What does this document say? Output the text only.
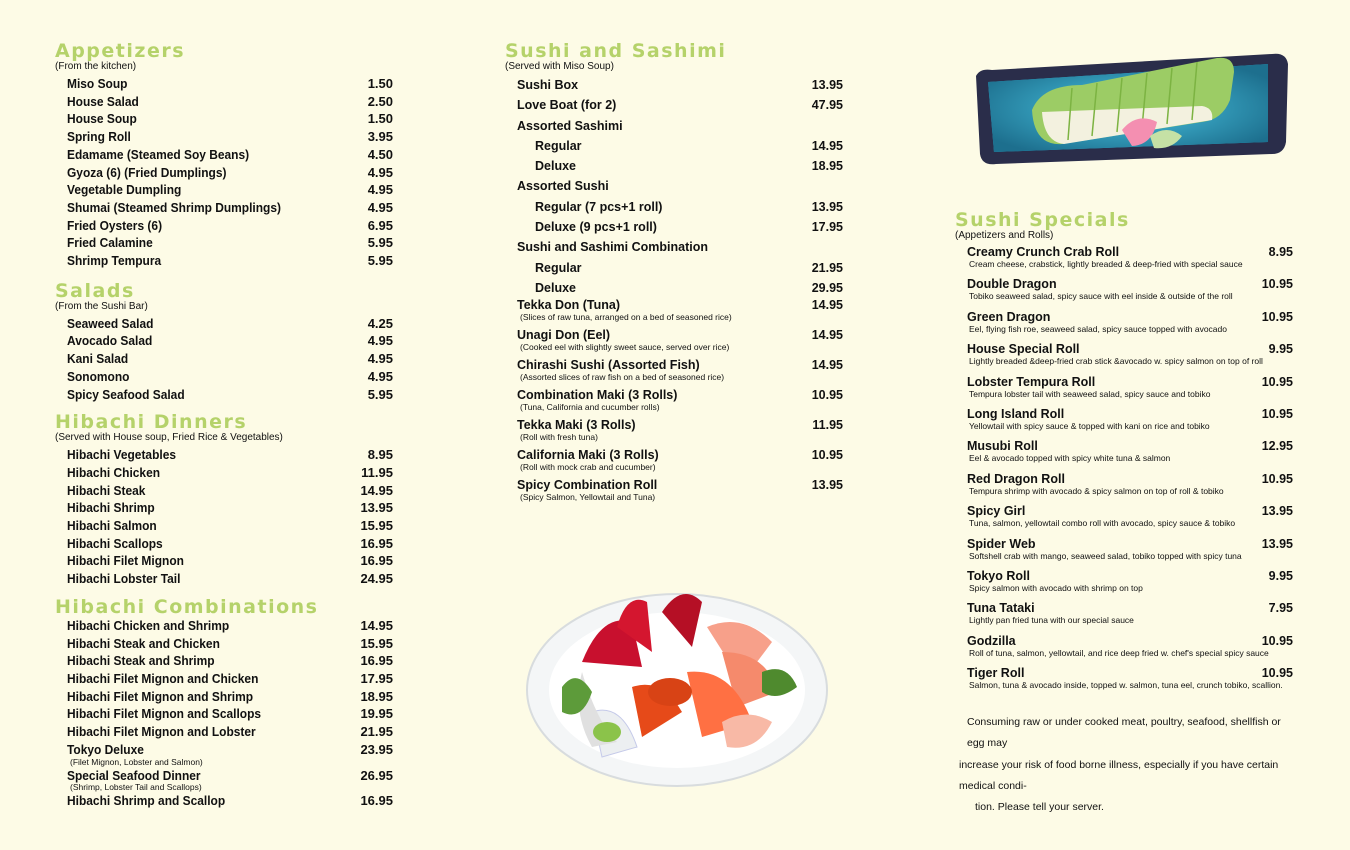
Appetizers
(From the kitchen)
Miso Soup	1.50
House Salad	2.50
House Soup	1.50
Spring Roll	3.95
Edamame (Steamed Soy Beans)	4.50
Gyoza (6) (Fried Dumplings)	4.95
Vegetable Dumpling	4.95
Shumai (Steamed Shrimp Dumplings)	4.95
Fried Oysters (6)	6.95
Fried Calamine	5.95
Shrimp Tempura	5.95
Salads
(From the Sushi Bar)
Seaweed Salad	4.25
Avocado Salad	4.95
Kani Salad	4.95
Sonomono	4.95
Spicy Seafood Salad	5.95
Hibachi Dinners
(Served with House soup, Fried Rice & Vegetables)
Hibachi Vegetables	8.95
Hibachi Chicken	11.95
Hibachi Steak	14.95
Hibachi Shrimp	13.95
Hibachi Salmon	15.95
Hibachi Scallops	16.95
Hibachi Filet Mignon	16.95
Hibachi Lobster Tail	24.95
Hibachi Combinations
Hibachi Chicken and Shrimp	14.95
Hibachi Steak and Chicken	15.95
Hibachi Steak and Shrimp	16.95
Hibachi Filet Mignon and Chicken	17.95
Hibachi Filet Mignon and Shrimp	18.95
Hibachi Filet Mignon and Scallops	19.95
Hibachi Filet Mignon and Lobster	21.95
Tokyo Deluxe	23.95
(Filet Mignon, Lobster and Salmon)
Special Seafood Dinner	26.95
(Shrimp, Lobster Tail and Scallops)
Hibachi Shrimp and Scallop	16.95
Sushi and Sashimi
(Served with Miso Soup)
Sushi Box	13.95
Love Boat (for 2)	47.95
Assorted Sashimi
Regular	14.95
Deluxe	18.95
Assorted Sushi
Regular (7 pcs+1 roll)	13.95
Deluxe (9 pcs+1 roll)	17.95
Sushi and Sashimi Combination
Regular	21.95
Deluxe	29.95
Tekka Don (Tuna)	14.95
(Slices of raw tuna, arranged on a bed of seasoned rice)
Unagi Don (Eel)	14.95
(Cooked eel with slightly sweet sauce, served over rice)
Chirashi Sushi (Assorted Fish)	14.95
(Assorted slices of raw fish on a bed of seasoned rice)
Combination Maki (3 Rolls)	10.95
(Tuna, California and cucumber rolls)
Tekka Maki (3 Rolls)	11.95
(Roll with fresh tuna)
California Maki (3 Rolls)	10.95
(Roll with mock crab and cucumber)
Spicy Combination Roll	13.95
(Spicy Salmon, Yellowtail and Tuna)
Sushi Specials
(Appetizers and Rolls)
Creamy Crunch Crab Roll	8.95
Cream cheese, crabstick, lightly breaded & deep-fried with special sauce
Double Dragon	10.95
Tobiko seaweed salad, spicy sauce with eel inside & outside of the roll
Green Dragon	10.95
Eel, flying fish roe, seaweed salad, spicy sauce topped with avocado
House Special Roll	9.95
Lightly breaded &deep-fried crab stick &avocado w. spicy salmon on top of roll
Lobster Tempura Roll	10.95
Tempura lobster tail with seaweed salad, spicy sauce and tobiko
Long Island Roll	10.95
Yellowtail with spicy sauce & topped with kani on rice and tobiko
Musubi Roll	12.95
Eel & avocado topped with spicy white tuna & salmon
Red Dragon Roll	10.95
Tempura shrimp with avocado & spicy salmon on top of roll & tobiko
Spicy Girl	13.95
Tuna, salmon, yellowtail combo roll with avocado, spicy sauce & tobiko
Spider Web	13.95
Softshell crab with mango, seaweed salad, tobiko topped with spicy tuna
Tokyo Roll	9.95
Spicy salmon with avocado with shrimp on top
Tuna Tataki	7.95
Lightly pan fried tuna with our special sauce
Godzilla	10.95
Roll of tuna, salmon, yellowtail, and rice deep fried w. chef's special spicy sauce
Tiger Roll	10.95
Salmon, tuna & avocado inside, topped w. salmon, tuna eel, crunch tobiko, scallion.
Consuming raw or under cooked meat, poultry, seafood, shellfish or egg may
increase your risk of food borne illness, especially if you have certain medical condi-
tion. Please tell your server.
